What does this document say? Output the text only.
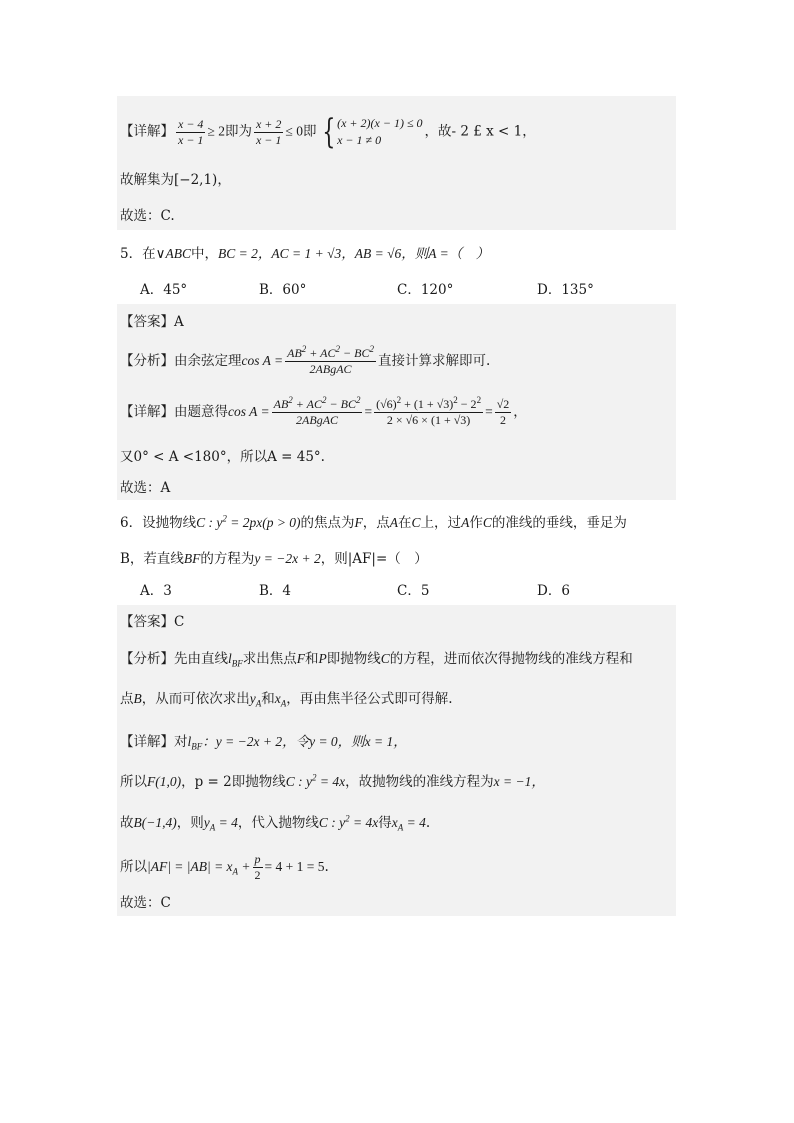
【详解】 $\frac{x - 4}{x - 1} \ge 2$即为 $\frac{x + 2}{x - 1} \le 0$即 { (x + 2)(x − 1) ≤ 0
x − 1 ≠ 0
，故- 2 £ x < 1，
故解集为[−2,1)，
故选：C.
5．在∨ABC中，BC = 2，AC = 1 + √3，AB = √6，则A =（　）
A．45°	B．60°	C．120°	D．135°
【答案】A
【分析】由余弦定理$\cos A = \frac{AB^2 + AC^2 - BC^2}{\text{2ABgAC}}$ 直接计算求解即可.
【详解】由题意得$\cos A = \frac{AB^2 + AC^2 - BC^2}{\text{2ABgAC}} = \frac{(√6)^2 + (1 + √3)^2 - 2^2}{2 \times √6 \times (1 + √3)} = \frac{√2}{2}$ ，
又0° < A <180°，所以A = 45°.
故选：A
6．设抛物线C : $y^2 = 2px(p > 0)$的焦点为F，点A在C上，过A作C的准线的垂线，垂足为
B，若直线BF的方程为y = −2x + 2，则|AF|=（　）
A．3	B．4	C．5	D．6
【答案】C
【分析】先由直线$l_{BF}$求出焦点F和P即抛物线C的方程，进而依次得抛物线的准线方程和
点B，从而可依次求出$y_A$和$x_A$，再由焦半径公式即可得解.
【详解】对$l_{BF}$：y = −2x + 2，令y = 0，则x = 1，
所以F(1,0)，p = 2即抛物线C : $y^2 = 4x$，故抛物线的准线方程为x = −1，
故B(−1,4)，则$y_A = 4$，代入抛物线C : $y^2 = 4x$得$x_A = 4$.
所以$|AF| = |AB| = x_A + \frac{p}{2} = 4 + 1 = 5$.
故选：C
